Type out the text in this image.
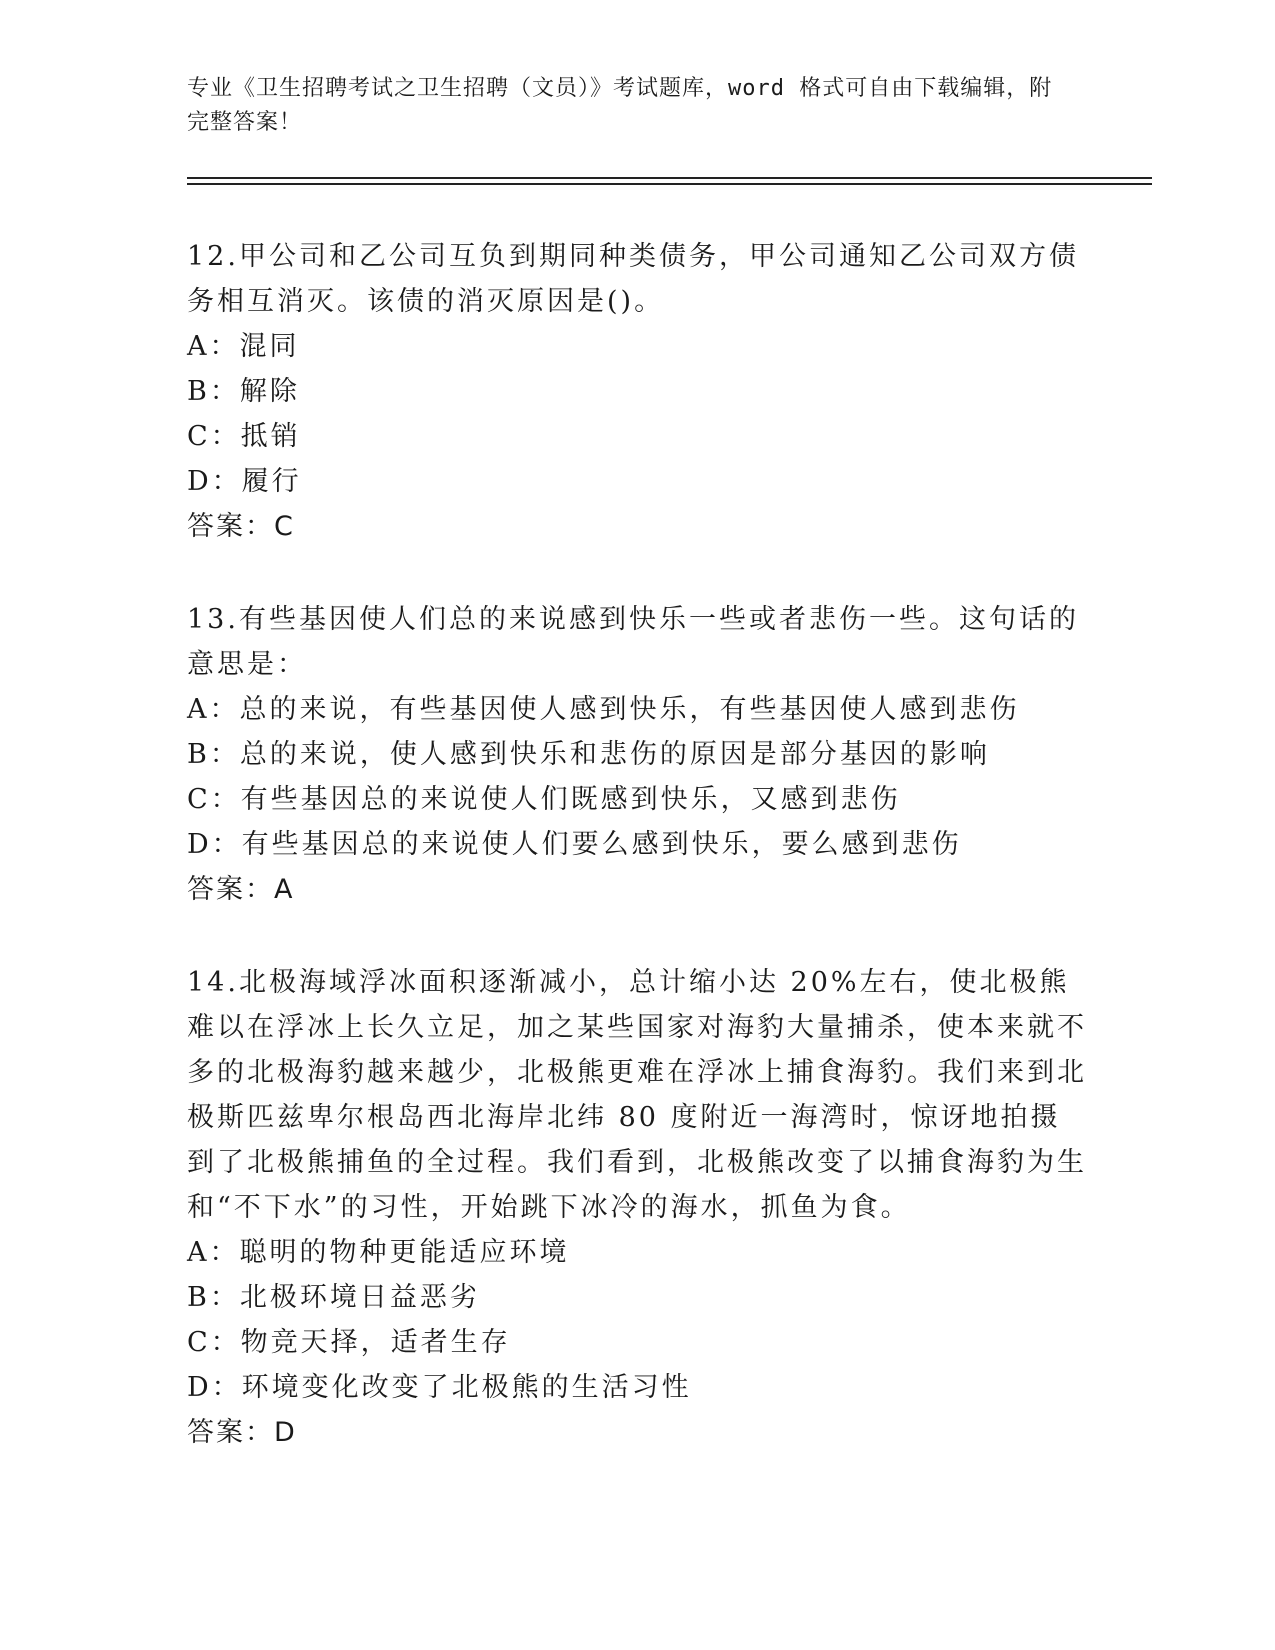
专业《卫生招聘考试之卫生招聘（文员）》考试题库，word 格式可自由下载编辑，附完整答案！

12.甲公司和乙公司互负到期同种类债务，甲公司通知乙公司双方债务相互消灭。该债的消灭原因是()。

A：混同

B：解除

C：抵销

D：履行

答案：C

13.有些基因使人们总的来说感到快乐一些或者悲伤一些。这句话的意思是：

A：总的来说，有些基因使人感到快乐，有些基因使人感到悲伤

B：总的来说，使人感到快乐和悲伤的原因是部分基因的影响

C：有些基因总的来说使人们既感到快乐，又感到悲伤

D：有些基因总的来说使人们要么感到快乐，要么感到悲伤

答案：A

14.北极海域浮冰面积逐渐减小，总计缩小达 20%左右，使北极熊难以在浮冰上长久立足，加之某些国家对海豹大量捕杀，使本来就不多的北极海豹越来越少，北极熊更难在浮冰上捕食海豹。我们来到北极斯匹兹卑尔根岛西北海岸北纬 80 度附近一海湾时，惊讶地拍摄到了北极熊捕鱼的全过程。我们看到，北极熊改变了以捕食海豹为生和“不下水”的习性，开始跳下冰冷的海水，抓鱼为食。

A：聪明的物种更能适应环境

B：北极环境日益恶劣

C：物竞天择，适者生存

D：环境变化改变了北极熊的生活习性

答案：D
